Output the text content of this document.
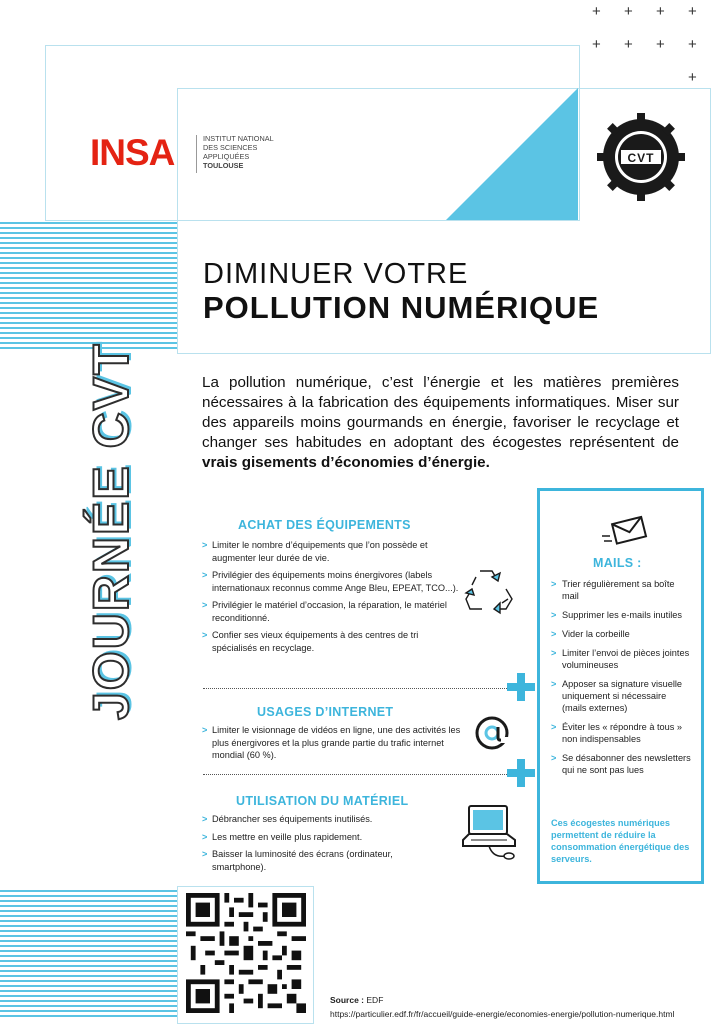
+ + + +
+ + + +
+
CVT
INSA	INSTITUT NATIONAL
DES SCIENCES
APPLIQUÉES
TOULOUSE
DIMINUER VOTRE
POLLUTION NUMÉRIQUE
JOURNÉE CVT	La pollution numérique, c’est l’énergie et les matières premières nécessaires à la fabrication des équipements informatiques. Miser sur des appareils moins gourmands en énergie, favoriser le recyclage et changer ses habitudes en adoptant des écogestes représentent de vrais gisements d’économies d’énergie.
ACHAT DES ÉQUIPEMENTS
> Limiter le nombre d’équipements que l’on possède et augmenter leur durée de vie.
> Privilégier des équipements moins énergivores (labels internationaux reconnus comme Ange Bleu, EPEAT, TCO...).
> Privilégier le matériel d’occasion, la réparation, le matériel reconditionné.
> Confier ses vieux équipements à des centres de tri spécialisés en recyclage.
USAGES D’INTERNET
> Limiter le visionnage de vidéos en ligne, une des activités les plus énergivores et la plus grande partie du trafic internet mondial (60 %).
UTILISATION DU MATÉRIEL
> Débrancher ses équipements inutilisés.
> Les mettre en veille plus rapidement.
> Baisser la luminosité des écrans (ordinateur, smartphone).
MAILS :
> Trier régulièrement sa boîte mail
> Supprimer les e-mails inutiles
> Vider la corbeille
> Limiter l’envoi de pièces jointes volumineuses
> Apposer sa signature visuelle uniquement si nécessaire (mails externes)
> Éviter les « répondre à tous » non indispensables
> Se désabonner des newsletters qui ne sont pas lues
Ces écogestes numériques permettent de réduire la consommation énergétique des serveurs.
Source : EDF
https://particulier.edf.fr/fr/accueil/guide-energie/economies-energie/pollution-numerique.html
